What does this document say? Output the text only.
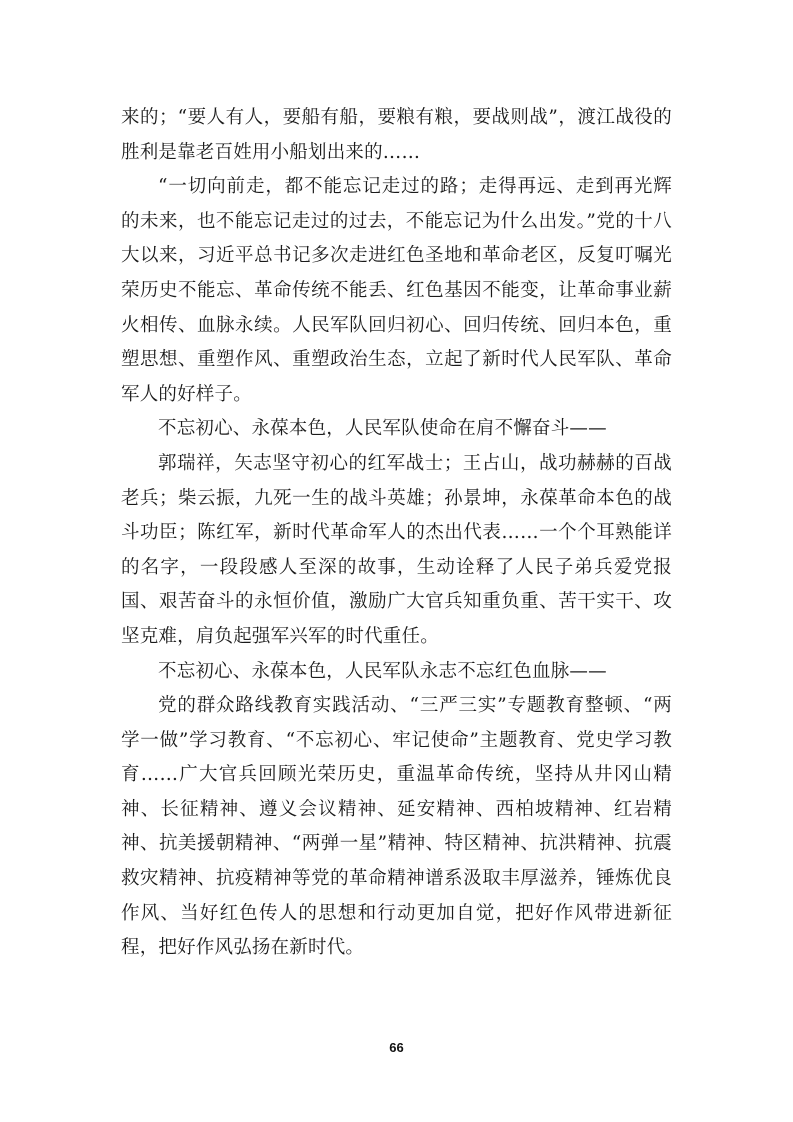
来的；“要人有人，要船有船，要粮有粮，要战则战”，渡江战役的胜利是靠老百姓用小船划出来的……

“一切向前走，都不能忘记走过的路；走得再远、走到再光辉的未来，也不能忘记走过的过去，不能忘记为什么出发。”党的十八大以来，习近平总书记多次走进红色圣地和革命老区，反复叮嘱光荣历史不能忘、革命传统不能丢、红色基因不能变，让革命事业薪火相传、血脉永续。人民军队回归初心、回归传统、回归本色，重塑思想、重塑作风、重塑政治生态，立起了新时代人民军队、革命军人的好样子。

不忘初心、永葆本色，人民军队使命在肩不懈奋斗——

郭瑞祥，矢志坚守初心的红军战士；王占山，战功赫赫的百战老兵；柴云振，九死一生的战斗英雄；孙景坤，永葆革命本色的战斗功臣；陈红军，新时代革命军人的杰出代表……一个个耳熟能详的名字，一段段感人至深的故事，生动诠释了人民子弟兵爱党报国、艰苦奋斗的永恒价值，激励广大官兵知重负重、苦干实干、攻坚克难，肩负起强军兴军的时代重任。

不忘初心、永葆本色，人民军队永志不忘红色血脉——

党的群众路线教育实践活动、“三严三实”专题教育整顿、“两学一做”学习教育、“不忘初心、牢记使命”主题教育、党史学习教育……广大官兵回顾光荣历史，重温革命传统，坚持从井冈山精神、长征精神、遵义会议精神、延安精神、西柏坡精神、红岩精神、抗美援朝精神、“两弹一星”精神、特区精神、抗洪精神、抗震救灾精神、抗疫精神等党的革命精神谱系汲取丰厚滋养，锤炼优良作风、当好红色传人的思想和行动更加自觉，把好作风带进新征程，把好作风弘扬在新时代。

66
